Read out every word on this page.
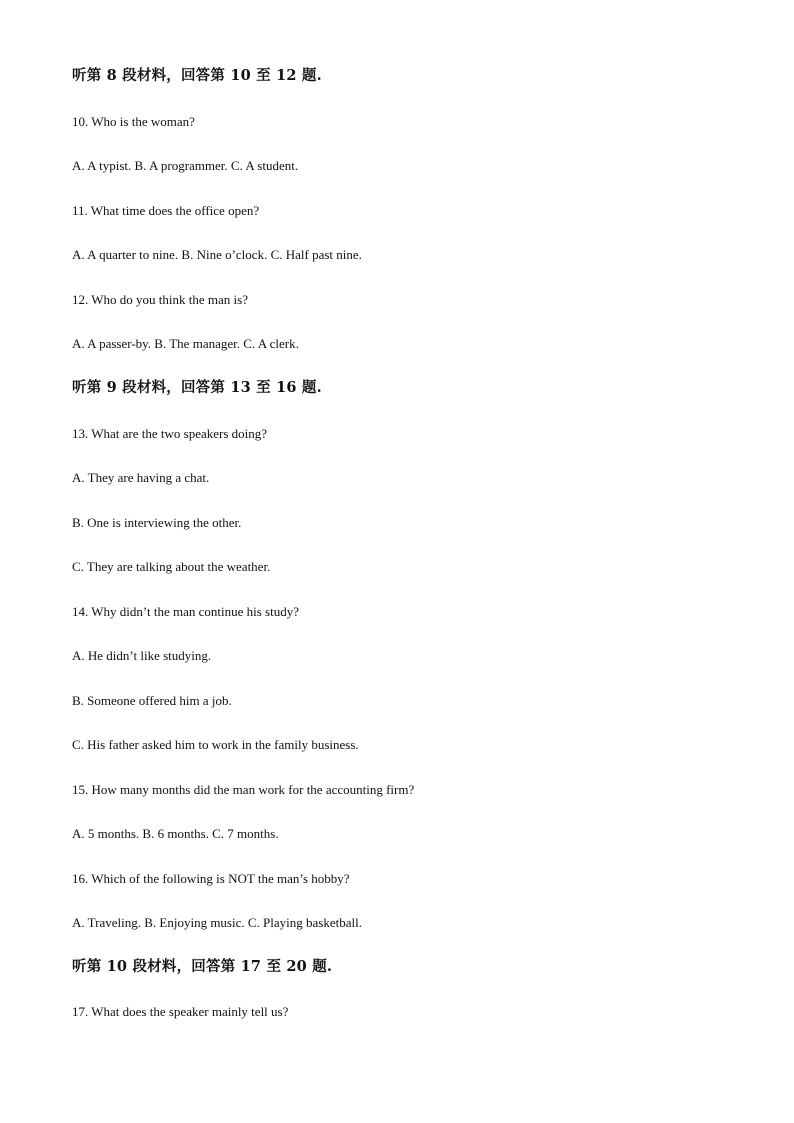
听第 8 段材料，回答第 10 至 12 题.
10. Who is the woman?
A. A typist. B. A programmer. C. A student.
11. What time does the office open?
A. A quarter to nine. B. Nine o’clock. C. Half past nine.
12. Who do you think the man is?
A. A passer-by. B. The manager. C. A clerk.
听第 9 段材料，回答第 13 至 16 题.
13. What are the two speakers doing?
A. They are having a chat.
B. One is interviewing the other.
C. They are talking about the weather.
14. Why didn’t the man continue his study?
A. He didn’t like studying.
B. Someone offered him a job.
C. His father asked him to work in the family business.
15. How many months did the man work for the accounting firm?
A. 5 months. B. 6 months. C. 7 months.
16. Which of the following is NOT the man’s hobby?
A. Traveling. B. Enjoying music. C. Playing basketball.
听第 10 段材料，回答第 17 至 20 题.
17. What does the speaker mainly tell us?
